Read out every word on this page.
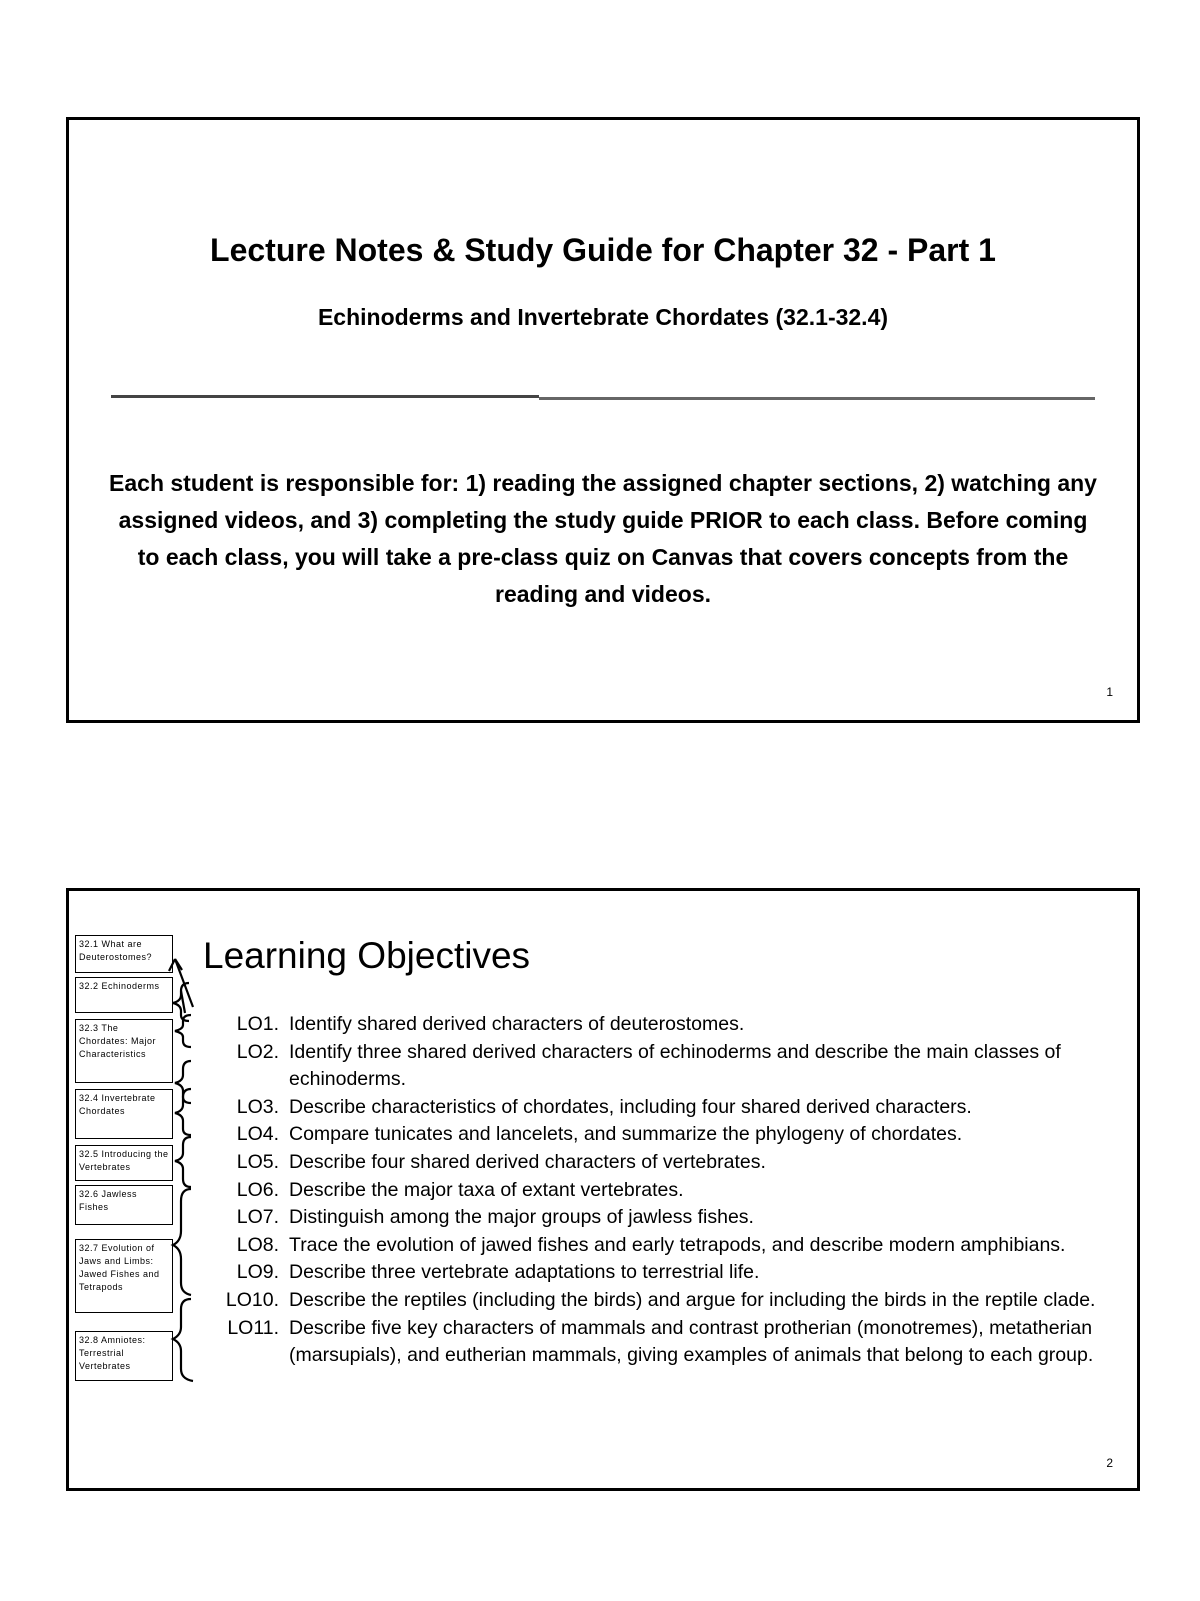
Lecture Notes & Study Guide for Chapter 32 - Part 1
Echinoderms and Invertebrate Chordates (32.1-32.4)
Each student is responsible for: 1) reading the assigned chapter sections, 2) watching any assigned videos, and 3) completing the study guide PRIOR to each class. Before coming to each class, you will take a pre-class quiz on Canvas that covers concepts from the reading and videos.
1
Learning Objectives
32.1 What are Deuterostomes?
32.2 Echinoderms
32.3 The Chordates: Major Characteristics
32.4 Invertebrate Chordates
32.5 Introducing the Vertebrates
32.6 Jawless Fishes
32.7 Evolution of Jaws and Limbs: Jawed Fishes and Tetrapods
32.8 Amniotes: Terrestrial Vertebrates
LO1. Identify shared derived characters of deuterostomes.
LO2. Identify three shared derived characters of echinoderms and describe the main classes of echinoderms.
LO3. Describe characteristics of chordates, including four shared derived characters.
LO4. Compare tunicates and lancelets, and summarize the phylogeny of chordates.
LO5. Describe four shared derived characters of vertebrates.
LO6. Describe the major taxa of extant vertebrates.
LO7. Distinguish among the major groups of jawless fishes.
LO8. Trace the evolution of jawed fishes and early tetrapods, and describe modern amphibians.
LO9. Describe three vertebrate adaptations to terrestrial life.
LO10. Describe the reptiles (including the birds) and argue for including the birds in the reptile clade.
LO11. Describe five key characters of mammals and contrast protherian (monotremes), metatherian (marsupials), and eutherian mammals, giving examples of animals that belong to each group.
2
